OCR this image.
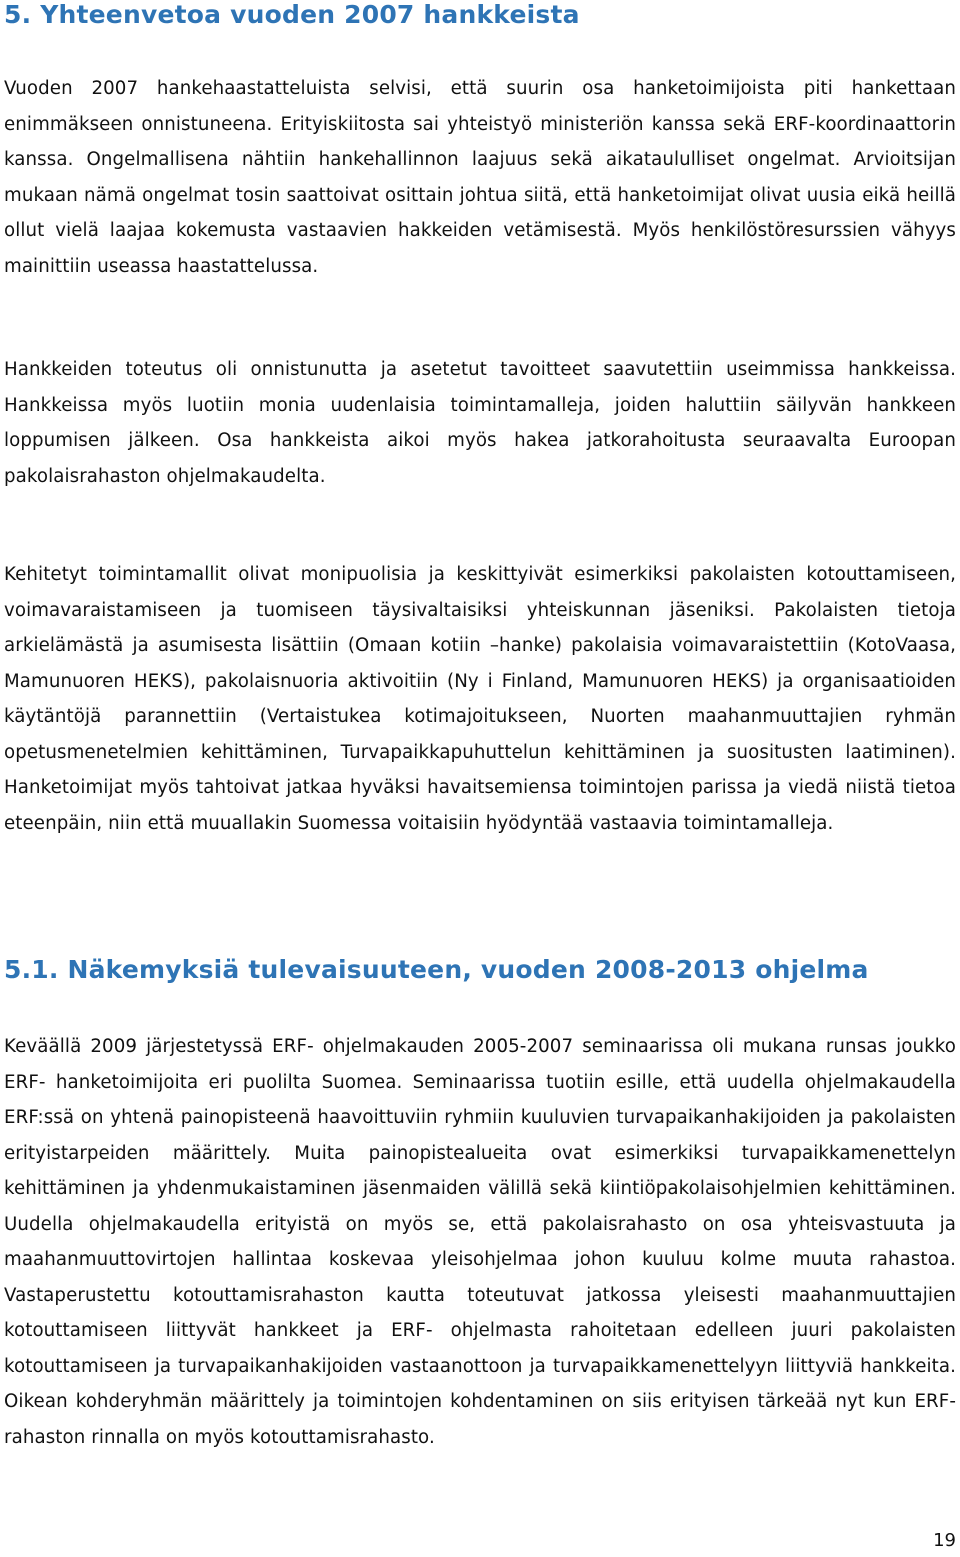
5. Yhteenvetoa vuoden 2007 hankkeista

Vuoden 2007 hankehaastatteluista selvisi, että suurin osa hanketoimijoista piti hankettaan enimmäkseen onnistuneena. Erityiskiitosta sai yhteistyö ministeriön kanssa sekä ERF-koordinaattorin kanssa. Ongelmallisena nähtiin hankehallinnon laajuus sekä aikataululliset ongelmat. Arvioitsijan mukaan nämä ongelmat tosin saattoivat osittain johtua siitä, että hanketoimijat olivat uusia eikä heillä ollut vielä laajaa kokemusta vastaavien hakkeiden vetämisestä. Myös henkilöstöresurssien vähyys mainittiin useassa haastattelussa.

Hankkeiden toteutus oli onnistunutta ja asetetut tavoitteet saavutettiin useimmissa hankkeissa. Hankkeissa myös luotiin monia uudenlaisia toimintamalleja, joiden haluttiin säilyvän hankkeen loppumisen jälkeen. Osa hankkeista aikoi myös hakea jatkorahoitusta seuraavalta Euroopan pakolaisrahaston ohjelmakaudelta.

Kehitetyt toimintamallit olivat monipuolisia ja keskittyivät esimerkiksi pakolaisten kotouttamiseen, voimavaraistamiseen ja tuomiseen täysivaltaisiksi yhteiskunnan jäseniksi. Pakolaisten tietoja arkielämästä ja asumisesta lisättiin (Omaan kotiin –hanke) pakolaisia voimavaraistettiin (KotoVaasa, Mamunuoren HEKS), pakolaisnuoria aktivoitiin (Ny i Finland, Mamunuoren HEKS) ja organisaatioiden käytäntöjä parannettiin (Vertaistukea kotimajoitukseen, Nuorten maahanmuuttajien ryhmän opetusmenetelmien kehittäminen, Turvapaikkapuhuttelun kehittäminen ja suositusten laatiminen). Hanketoimijat myös tahtoivat jatkaa hyväksi havaitsemiensa toimintojen parissa ja viedä niistä tietoa eteenpäin, niin että muuallakin Suomessa voitaisiin hyödyntää vastaavia toimintamalleja.

5.1. Näkemyksiä tulevaisuuteen, vuoden 2008-2013 ohjelma

Keväällä 2009 järjestetyssä ERF- ohjelmakauden 2005-2007 seminaarissa oli mukana runsas joukko ERF- hanketoimijoita eri puolilta Suomea. Seminaarissa tuotiin esille, että uudella ohjelmakaudella ERF:ssä on yhtenä painopisteenä haavoittuviin ryhmiin kuuluvien turvapaikanhakijoiden ja pakolaisten erityistarpeiden määrittely. Muita painopistealueita ovat esimerkiksi turvapaikkamenettelyn kehittäminen ja yhdenmukaistaminen jäsenmaiden välillä sekä kiintiöpakolaisohjelmien kehittäminen. Uudella ohjelmakaudella erityistä on myös se, että pakolaisrahasto on osa yhteisvastuuta ja maahanmuuttovirtojen hallintaa koskevaa yleisohjelmaa johon kuuluu kolme muuta rahastoa. Vastaperustettu kotouttamisrahaston kautta toteutuvat jatkossa yleisesti maahanmuuttajien kotouttamiseen liittyvät hankkeet ja ERF- ohjelmasta rahoitetaan edelleen juuri pakolaisten kotouttamiseen ja turvapaikanhakijoiden vastaanottoon ja turvapaikkamenettelyyn liittyviä hankkeita. Oikean kohderyhmän määrittely ja toimintojen kohdentaminen on siis erityisen tärkeää nyt kun ERF-rahaston rinnalla on myös kotouttamisrahasto.

19
